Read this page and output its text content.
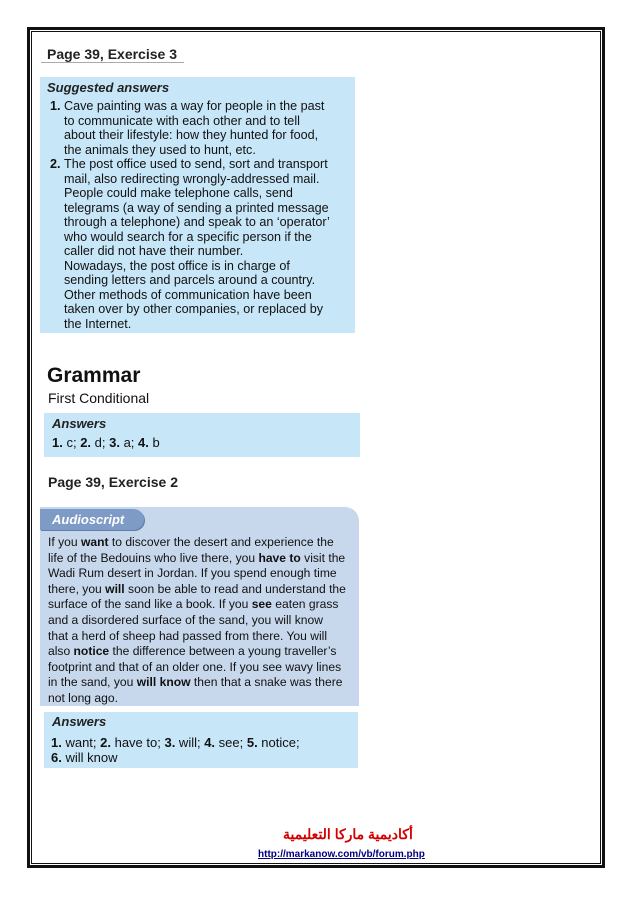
Page 39, Exercise 3
Suggested answers
1. Cave painting was a way for people in the past
to communicate with each other and to tell
about their lifestyle: how they hunted for food,
the animals they used to hunt, etc.
2. The post office used to send, sort and transport
mail, also redirecting wrongly-addressed mail.
People could make telephone calls, send
telegrams (a way of sending a printed message
through a telephone) and speak to an ‘operator’
who would search for a specific person if the
caller did not have their number.
Nowadays, the post office is in charge of
sending letters and parcels around a country.
Other methods of communication have been
taken over by other companies, or replaced by
the Internet.
Grammar
First Conditional
Answers
1. c; 2. d; 3. a; 4. b
Page 39, Exercise 2
Audioscript
If you want to discover the desert and experience the
life of the Bedouins who live there, you have to visit the
Wadi Rum desert in Jordan. If you spend enough time
there, you will soon be able to read and understand the
surface of the sand like a book. If you see eaten grass
and a disordered surface of the sand, you will know
that a herd of sheep had passed from there. You will
also notice the difference between a young traveller’s
footprint and that of an older one. If you see wavy lines
in the sand, you will know then that a snake was there
not long ago.
Answers
1. want; 2. have to; 3. will; 4. see; 5. notice;
6. will know
أكاديمية ماركا التعليمية
http://markanow.com/vb/forum.php
